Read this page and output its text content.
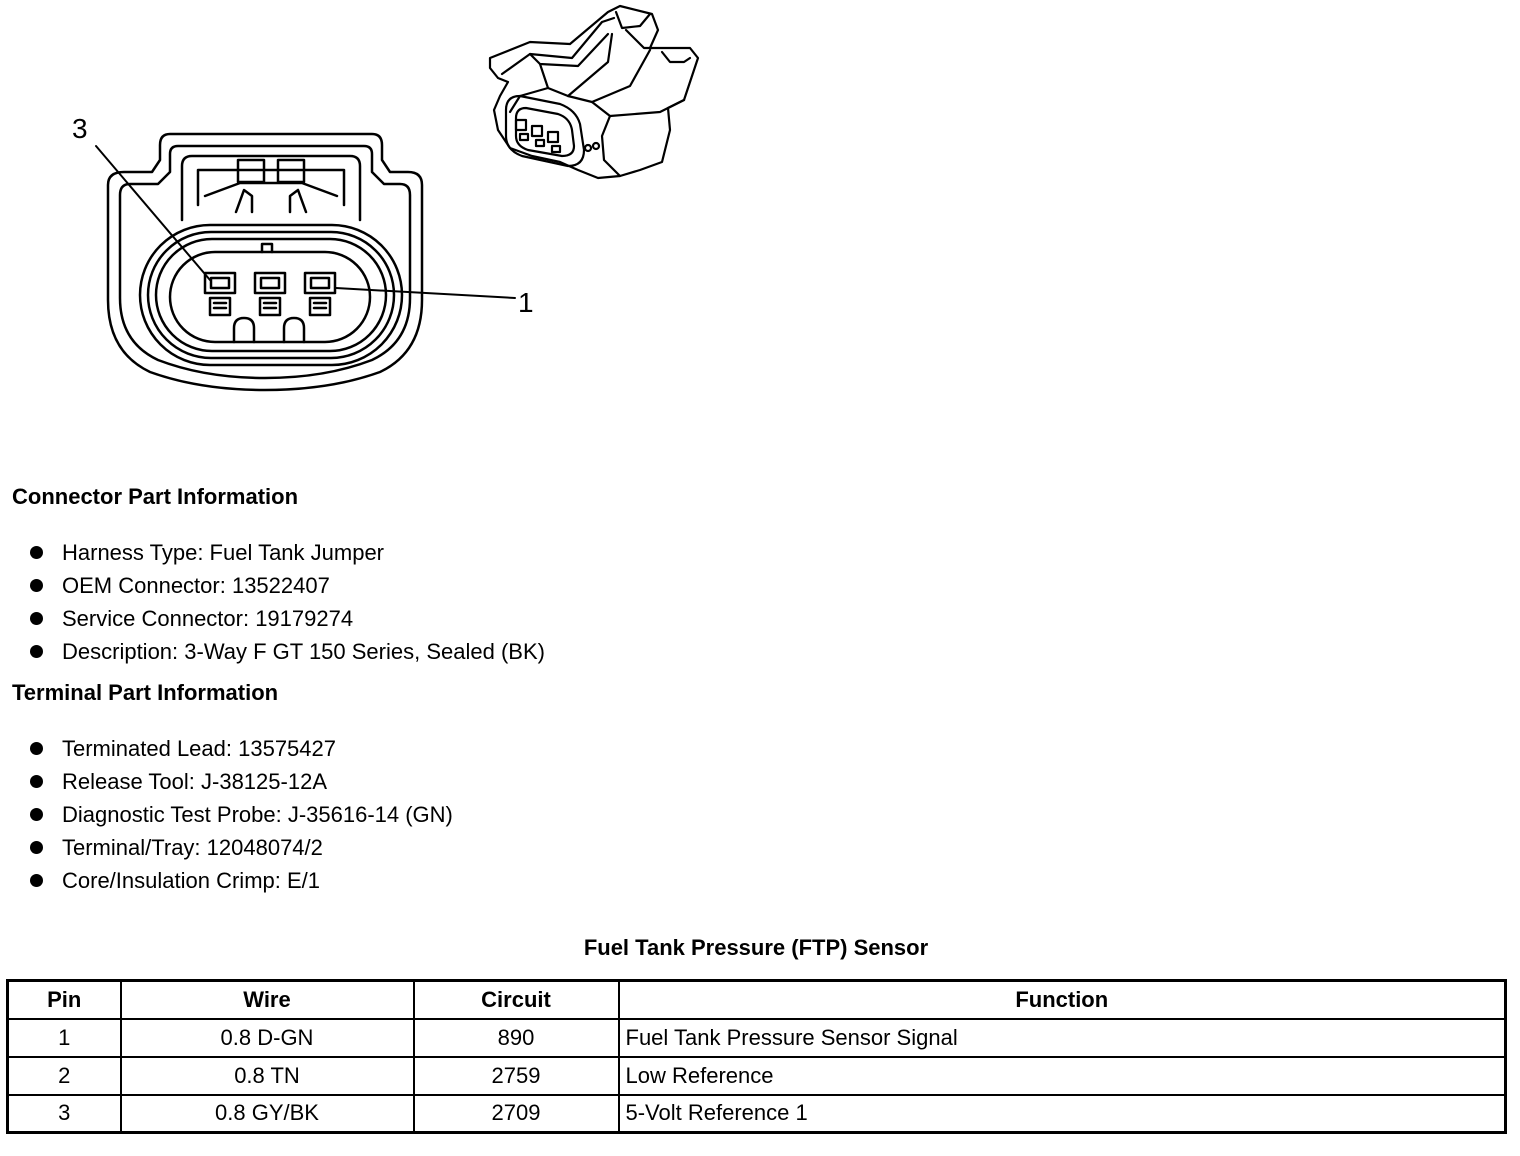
3
1
Connector Part Information
Harness Type: Fuel Tank Jumper
OEM Connector: 13522407
Service Connector: 19179274
Description: 3-Way F GT 150 Series, Sealed (BK)
Terminal Part Information
Terminated Lead: 13575427
Release Tool: J-38125-12A
Diagnostic Test Probe: J-35616-14 (GN)
Terminal/Tray: 12048074/2
Core/Insulation Crimp: E/1
Fuel Tank Pressure (FTP) Sensor
Pin	Wire	Circuit	Function
1	0.8 D-GN	890	Fuel Tank Pressure Sensor Signal
2	0.8 TN	2759	Low Reference
3	0.8 GY/BK	2709	5-Volt Reference 1
